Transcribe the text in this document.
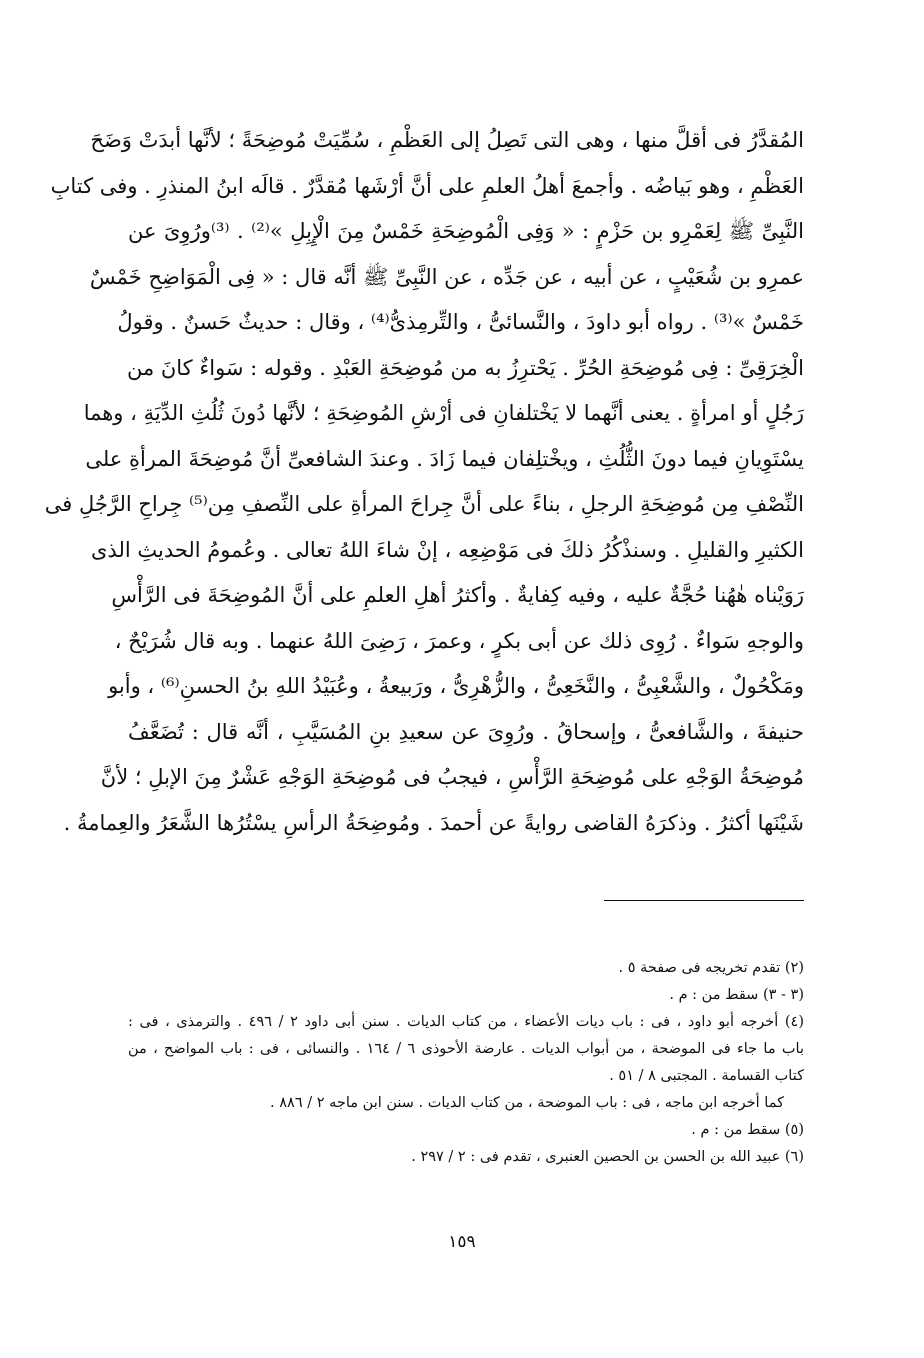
المُقدَّرُ فى أقلَّ منها ، وهى التى تَصِلُ إلى العَظْمِ ، سُمِّيَتْ مُوضِحَةً ؛ لأنَّها أبدَتْ وَضَحَ
العَظْمِ ، وهو بَياضُه . وأجمعَ أهلُ العلمِ على أنَّ أرْشَها مُقدَّرٌ . قالَه ابنُ المنذرِ . وفى كتابِ
النَّبِىِّ ﷺ لِعَمْرِو بن حَزْمٍ : « وَفِى الْمُوضِحَةِ خَمْسٌ مِنَ الْإِبِلِ »⁽²⁾ . ⁽³⁾ورُوِىَ عن
عمرِو بن شُعَيْبٍ ، عن أبيه ، عن جَدِّه ، عن النَّبِىِّ ﷺ أنَّه قال : « فِى الْمَوَاضِحِ خَمْسٌ
خَمْسٌ »⁽³⁾ . رواه أبو داودَ ، والنَّسائىُّ ، والتِّرمِذىُّ⁽⁴⁾ ، وقال : حديثٌ حَسنٌ . وقولُ
الْخِرَقِىِّ : فِى مُوضِحَةِ الحُرِّ . يَحْترِزُ به من مُوضِحَةِ العَبْدِ . وقوله : سَواءٌ كانَ من
رَجُلٍ أو امرأةٍ . يعنى أنَّهما لا يَخْتلفانِ فى أرْشِ المُوضِحَةِ ؛ لأنَّها دُونَ ثُلُثِ الدِّيَةِ ، وهما
يسْتَوِيانِ فيما دونَ الثُّلُثِ ، ويخْتلِفان فيما زَادَ . وعندَ الشافعىِّ أنَّ مُوضِحَةَ المرأةِ على
النِّصْفِ مِن مُوضِحَةِ الرجلِ ، بناءً على أنَّ جِراحَ المرأةِ على النِّصفِ مِن⁽⁵⁾ جِراحِ الرَّجُلِ فى
الكثيرِ والقليلِ . وسنذْكُرُ ذلكَ فى مَوْضِعِه ، إنْ شاءَ اللهُ تعالى . وعُمومُ الحديثِ الذى
رَوَيْناه هٰهُنا حُجَّةٌ عليه ، وفيه كِفايةٌ . وأكثرُ أهلِ العلمِ على أنَّ المُوضِحَةَ فى الرَّأْسِ
والوجهِ سَواءٌ . رُوِى ذلك عن أبى بكرٍ ، وعمرَ ، رَضِىَ اللهُ عنهما . وبه قال شُرَيْحٌ ،
ومَكْحُولٌ ، والشَّعْبِىُّ ، والنَّخَعِىُّ ، والزُّهْرِىُّ ، ورَبيعةُ ، وعُبَيْدُ اللهِ بنُ الحسنِ⁽⁶⁾ ، وأبو
حنيفةَ ، والشَّافعىُّ ، وإسحاقُ . ورُوِىَ عن سعيدِ بنِ المُسَيَّبِ ، أنَّه قال : تُضَعَّفُ
مُوضِحَةُ الوَجْهِ على مُوضِحَةِ الرَّأْسِ ، فيجبُ فى مُوضِحَةِ الوَجْهِ عَشْرٌ مِنَ الإبلِ ؛ لأنَّ
شَيْنَها أكثرُ . وذكرَهُ القاضى روايةً عن أحمدَ . ومُوضِحَةُ الرأسِ يسْتُرُها الشَّعَرُ والعِمامةُ .
(٢) تقدم تخريجه فى صفحة ٥ .
(٣ - ٣) سقط من : م .
(٤) أخرجه أبو داود ، فى : باب ديات الأعضاء ، من كتاب الديات . سنن أبى داود ٢ / ٤٩٦ . والترمذى ، فى :
باب ما جاء فى الموضحة ، من أبواب الديات . عارضة الأحوذى ٦ / ١٦٤ . والنسائى ، فى : باب المواضح ، من
كتاب القسامة . المجتبى ٨ / ٥١ .
كما أخرجه ابن ماجه ، فى : باب الموضحة ، من كتاب الديات . سنن ابن ماجه ٢ / ٨٨٦ .
(٥) سقط من : م .
(٦) عبيد الله بن الحسن بن الحصين العنبرى ، تقدم فى : ٢ / ٢٩٧ .
١٥٩
